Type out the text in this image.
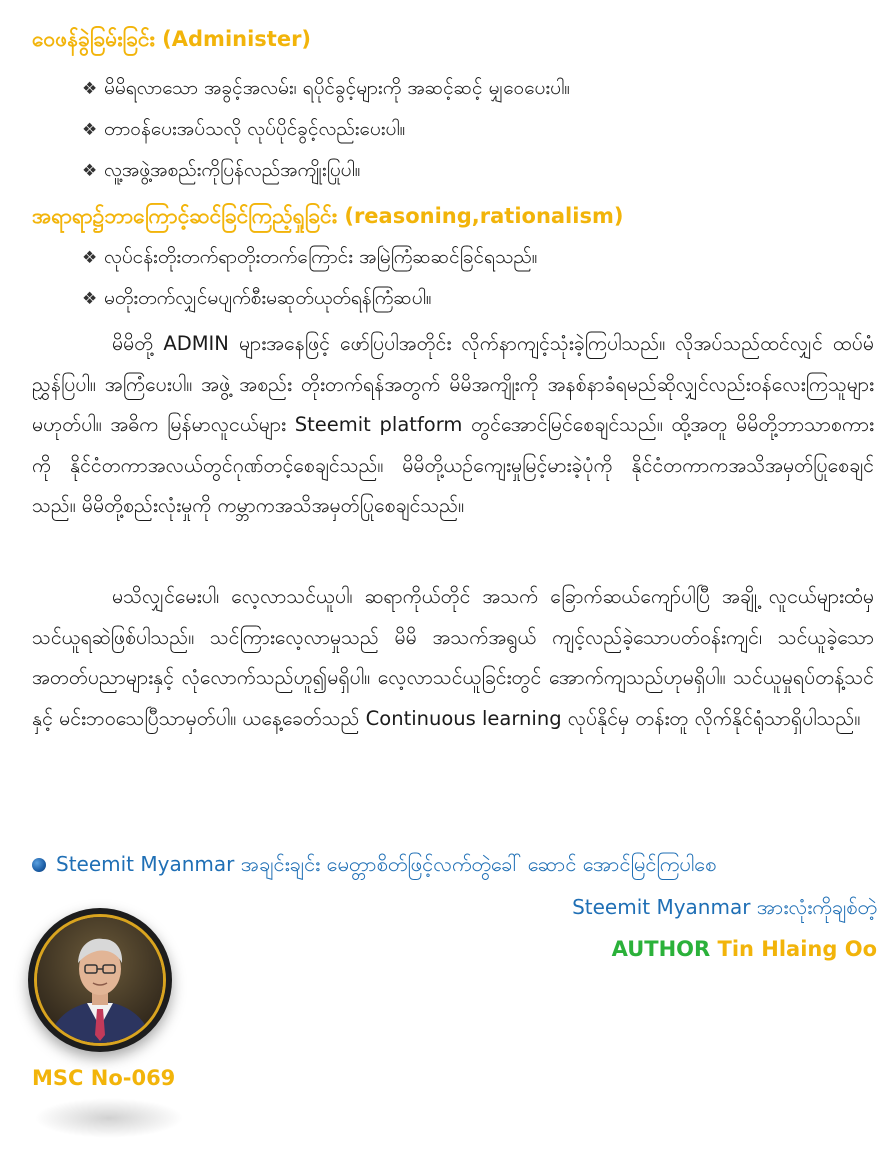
ဝေဖန်ခွဲခြမ်းခြင်း (Administer)
❖ မိမိရလာသော အခွင့်အလမ်း၊ ရပိုင်ခွင့်များကို အဆင့်ဆင့် မျှဝေပေးပါ။
❖ တာဝန်ပေးအပ်သလို လုပ်ပိုင်ခွင့်လည်းပေးပါ။
❖ လူ့အဖွဲ့အစည်းကိုပြန်လည်အကျိုးပြုပါ။
အရာရာ၌ဘာကြောင့်ဆင်ခြင်ကြည့်ရှုခြင်း (reasoning,rationalism)
❖ လုပ်ငန်းတိုးတက်ရာတိုးတက်ကြောင်း အမြဲကြံဆဆင်ခြင်ရသည်။
❖ မတိုးတက်လျှင်မပျက်စီးမဆုတ်ယုတ်ရန်ကြံဆပါ။
မိမိတို့ ADMIN များအနေဖြင့် ဖော်ပြပါအတိုင်း လိုက်နာကျင့်သုံးခဲ့ကြပါသည်။ လိုအပ်သည်ထင်လျှင် ထပ်မံညွှန်ပြပါ။ အကြံပေးပါ။ အဖွဲ့ အစည်း တိုးတက်ရန်အတွက် မိမိအကျိုးကို အနစ်နာခံရမည်ဆိုလျှင်လည်းဝန်လေးကြသူများမဟုတ်ပါ။ အဓိက မြန်မာလူငယ်များ Steemit platform တွင်အောင်မြင်စေချင်သည်။ ထို့အတူ မိမိတို့ဘာသာစကားကို နိုင်ငံတကာအလယ်တွင်ဂုဏ်တင့်စေချင်သည်။ မိမိတို့ယဉ်ကျေးမှုမြင့်မားခဲ့ပုံကို နိုင်ငံတကာကအသိအမှတ်ပြုစေချင်သည်။ မိမိတို့စည်းလုံးမှုကို ကမ္ဘာကအသိအမှတ်ပြုစေချင်သည်။
မသိလျှင်မေးပါ၊ လေ့လာသင်ယူပါ၊ ဆရာကိုယ်တိုင် အသက် ခြောက်ဆယ်ကျော်ပါပြီ အချို့ လူငယ်များထံမှ သင်ယူရဆဲဖြစ်ပါသည်။ သင်ကြားလေ့လာမှုသည် မိမိ အသက်အရွယ် ကျင့်လည်ခဲ့သောပတ်ဝန်းကျင်၊ သင်ယူခဲ့သောအတတ်ပညာများနှင့် လုံလောက်သည်ဟူ၍မရှိပါ။ လေ့လာသင်ယူခြင်းတွင် အောက်ကျသည်ဟုမရှိပါ။ သင်ယူမှုရပ်တန့်သင်နှင့် မင်းဘဝသေပြီသာမှတ်ပါ။ ယနေ့ခေတ်သည် Continuous learning လုပ်နိုင်မှ တန်းတူ လိုက်နိုင်ရုံသာရှိပါသည်။
Steemit Myanmar အချင်းချင်း မေတ္တာစိတ်ဖြင့်လက်တွဲခေါ် ဆောင် အောင်မြင်ကြပါစေ
Steemit Myanmar အားလုံးကိုချစ်တဲ့
AUTHOR Tin Hlaing Oo
MSC No-069
